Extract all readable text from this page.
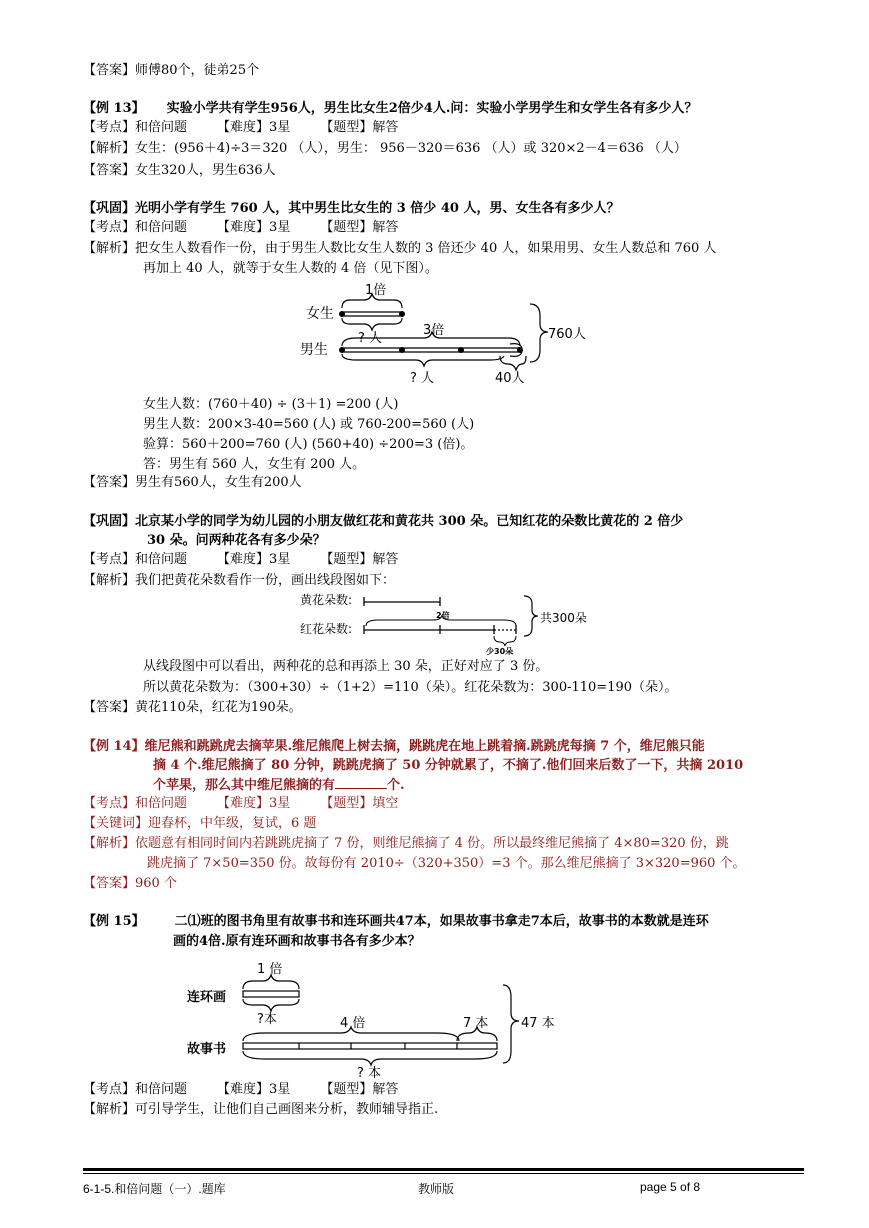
【答案】师傅80个，徒弟25个
【例 13】 实验小学共有学生956人，男生比女生2倍少4人.问：实验小学男学生和女学生各有多少人？
【考点】和倍问题 【难度】3星 【题型】解答
【解析】女生：(956＋4)÷3＝320 （人），男生： 956－320＝636 （人）或 320×2－4＝636 （人）
【答案】女生320人，男生636人
【巩固】光明小学有学生 760 人，其中男生比女生的 3 倍少 40 人，男、女生各有多少人？
【考点】和倍问题 【难度】3星 【题型】解答
【解析】把女生人数看作一份，由于男生人数比女生人数的 3 倍还少 40 人，如果用男、女生人数总和 760 人
再加上 40 人，就等于女生人数的 4 倍（见下图）。
1倍
女生
? 人
3倍
男生
? 人	40人
760人
女生人数：(760＋40) ÷ (3＋1) =200 (人)
男生人数：200×3-40=560 (人) 或 760-200=560 (人)
验算：560＋200=760 (人) (560+40) ÷200=3 (倍)。
答：男生有 560 人，女生有 200 人。
【答案】男生有560人，女生有200人
【巩固】北京某小学的同学为幼儿园的小朋友做红花和黄花共 300 朵。已知红花的朵数比黄花的 2 倍少
30 朵。问两种花各有多少朵？
【考点】和倍问题 【难度】3星 【题型】解答
【解析】我们把黄花朵数看作一份，画出线段图如下：
黄花朵数:
2倍
红花朵数:
少30朵
共300朵
从线段图中可以看出，两种花的总和再添上 30 朵，正好对应了 3 份。
所以黄花朵数为：（300+30）÷（1+2）=110（朵）。红花朵数为：300-110=190（朵）。
【答案】黄花110朵，红花为190朵。
【例 14】维尼熊和跳跳虎去摘苹果.维尼熊爬上树去摘，跳跳虎在地上跳着摘.跳跳虎每摘 7 个，维尼熊只能
摘 4 个.维尼熊摘了 80 分钟，跳跳虎摘了 50 分钟就累了，不摘了.他们回来后数了一下，共摘 2010
个苹果，那么其中维尼熊摘的有	个.
【考点】和倍问题 【难度】3星 【题型】填空
【关键词】迎春杯，中年级，复试，6 题
【解析】依题意有相同时间内若跳跳虎摘了 7 份，则维尼熊摘了 4 份。所以最终维尼熊摘了 4×80=320 份，跳
跳虎摘了 7×50=350 份。故每份有 2010÷（320+350）=3 个。那么维尼熊摘了 3×320=960 个。
【答案】960 个
【例 15】 二⑴班的图书角里有故事书和连环画共47本，如果故事书拿走7本后，故事书的本数就是连环
画的4倍.原有连环画和故事书各有多少本？
1 倍
连环画
?本	4 倍	7 本
故事书
? 本
47 本
【考点】和倍问题 【难度】3星 【题型】解答
【解析】可引导学生，让他们自己画图来分析，教师辅导指正.
6-1-5.和倍问题（一）.题库	教师版	page 5 of 8
